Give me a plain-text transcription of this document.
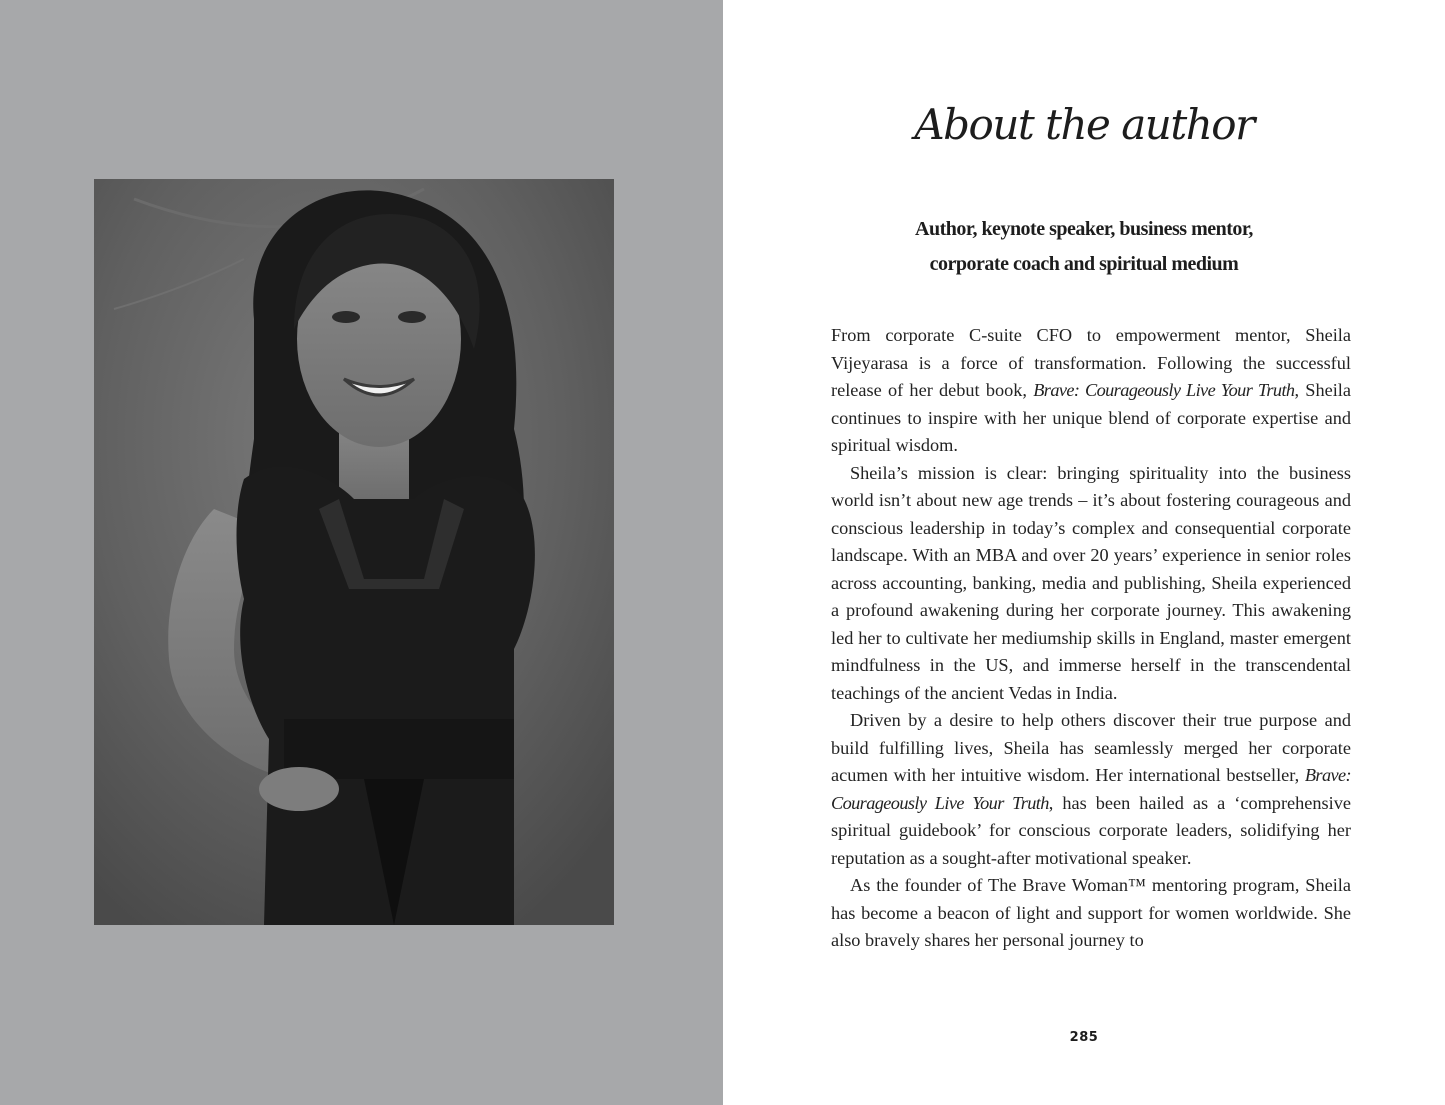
About the author
Author, keynote speaker, business mentor,
corporate coach and spiritual medium

From corporate C-suite CFO to empowerment mentor, Sheila Vijeyarasa is a force of transformation. Following the successful release of her debut book, Brave: Courageously Live Your Truth, Sheila continues to inspire with her unique blend of corporate expertise and spiritual wisdom.

Sheila’s mission is clear: bringing spirituality into the business world isn’t about new age trends – it’s about fostering courageous and conscious leadership in today’s complex and consequential corporate landscape. With an MBA and over 20 years’ experience in senior roles across accounting, banking, media and publishing, Sheila experienced a profound awakening during her corporate journey. This awakening led her to cultivate her mediumship skills in England, master emergent mindfulness in the US, and immerse herself in the transcendental teachings of the ancient Vedas in India.

Driven by a desire to help others discover their true purpose and build fulfilling lives, Sheila has seamlessly merged her corporate acumen with her intuitive wisdom. Her international bestseller, Brave: Courageously Live Your Truth, has been hailed as a ‘comprehensive spiritual guidebook’ for conscious corporate leaders, solidifying her reputation as a sought-after motivational speaker.

As the founder of The Brave Woman™ mentoring program, Sheila has become a beacon of light and support for women worldwide. She also bravely shares her personal journey to

285
